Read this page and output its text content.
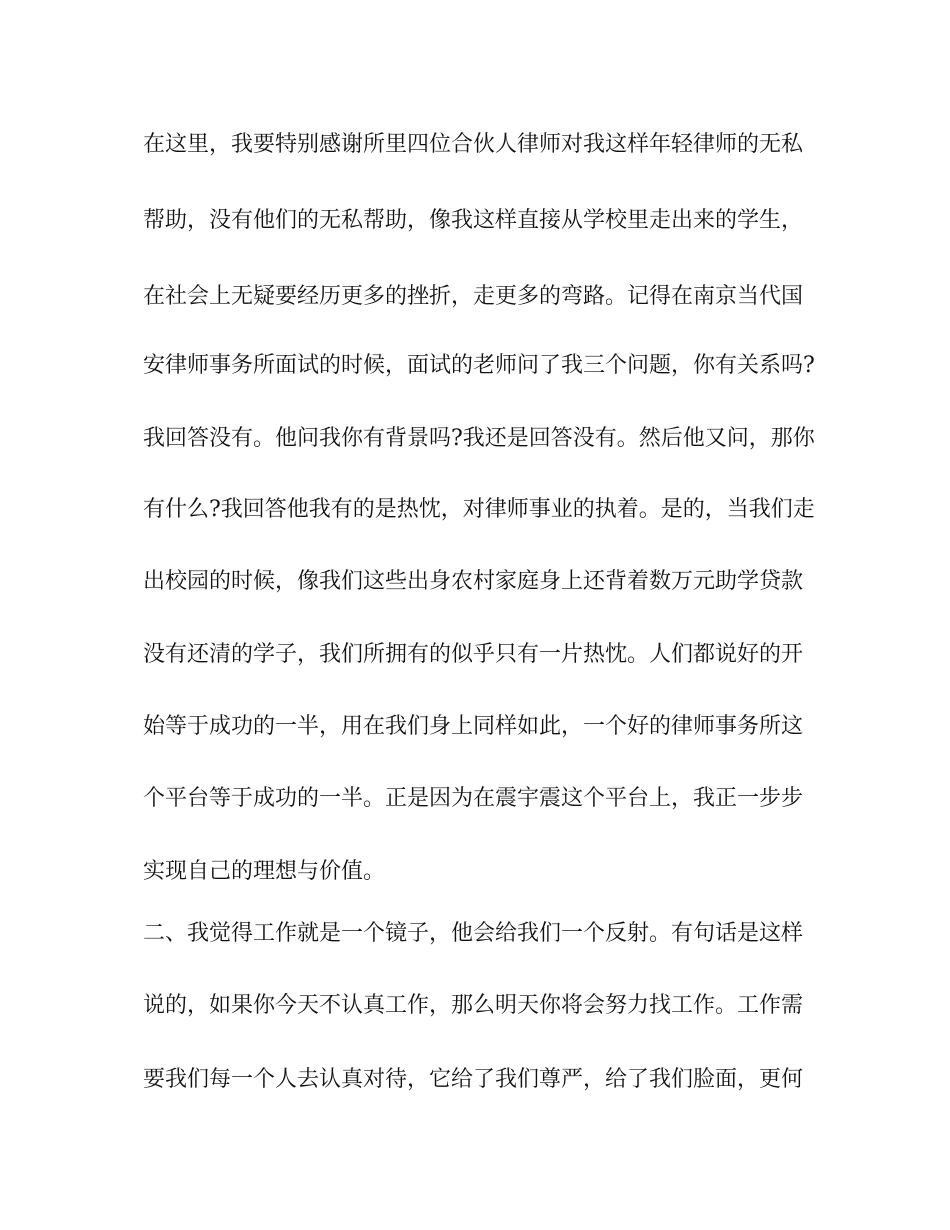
在这里，我要特别感谢所里四位合伙人律师对我这样年轻律师的无私
帮助，没有他们的无私帮助，像我这样直接从学校里走出来的学生，
在社会上无疑要经历更多的挫折，走更多的弯路。记得在南京当代国
安律师事务所面试的时候，面试的老师问了我三个问题，你有关系吗?
我回答没有。他问我你有背景吗?我还是回答没有。然后他又问，那你
有什么?我回答他我有的是热忱，对律师事业的执着。是的，当我们走
出校园的时候，像我们这些出身农村家庭身上还背着数万元助学贷款
没有还清的学子，我们所拥有的似乎只有一片热忱。人们都说好的开
始等于成功的一半，用在我们身上同样如此，一个好的律师事务所这
个平台等于成功的一半。正是因为在震宇震这个平台上，我正一步步
实现自己的理想与价值。
二、我觉得工作就是一个镜子，他会给我们一个反射。有句话是这样
说的，如果你今天不认真工作，那么明天你将会努力找工作。工作需
要我们每一个人去认真对待，它给了我们尊严，给了我们脸面，更何
